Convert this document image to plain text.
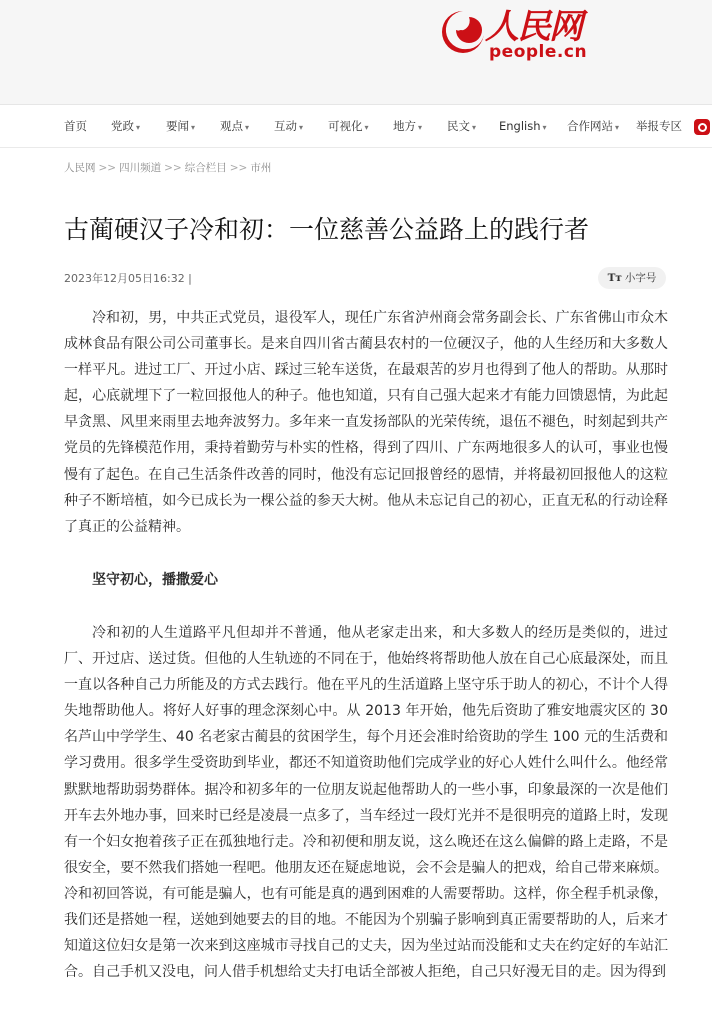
人民网
people.cn
首页 党政 ▾ 要闻 ▾ 观点 ▾ 互动 ▾ 可视化 ▾ 地方 ▾ 民文 ▾ English ▾ 合作网站 ▾ 举报专区
人民网 >> 四川频道 >> 综合栏目 >> 市州
古蔺硬汉子冷和初：一位慈善公益路上的践行者
2023年12月05日16:32 |	Tт 小字号

冷和初，男，中共正式党员，退役军人，现任广东省泸州商会常务副会长、广东省佛山市众木成林食品有限公司公司董事长。是来自四川省古蔺县农村的一位硬汉子，他的人生经历和大多数人一样平凡。进过工厂、开过小店、踩过三轮车送货，在最艰苦的岁月也得到了他人的帮助。从那时起，心底就埋下了一粒回报他人的种子。他也知道，只有自己强大起来才有能力回馈恩情，为此起早贪黑、风里来雨里去地奔波努力。多年来一直发扬部队的光荣传统，退伍不褪色，时刻起到共产党员的先锋模范作用，秉持着勤劳与朴实的性格，得到了四川、广东两地很多人的认可，事业也慢慢有了起色。在自己生活条件改善的同时，他没有忘记回报曾经的恩情，并将最初回报他人的这粒种子不断培植，如今已成长为一棵公益的参天大树。他从未忘记自己的初心，正直无私的行动诠释了真正的公益精神。

坚守初心，播撒爱心

冷和初的人生道路平凡但却并不普通，他从老家走出来，和大多数人的经历是类似的，进过厂、开过店、送过货。但他的人生轨迹的不同在于，他始终将帮助他人放在自己心底最深处，而且一直以各种自己力所能及的方式去践行。他在平凡的生活道路上坚守乐于助人的初心，不计个人得失地帮助他人。将好人好事的理念深刻心中。从 2013 年开始，他先后资助了雅安地震灾区的 30 名芦山中学学生、40 名老家古蔺县的贫困学生，每个月还会准时给资助的学生 100 元的生活费和学习费用。很多学生受资助到毕业，都还不知道资助他们完成学业的好心人姓什么叫什么。他经常默默地帮助弱势群体。据冷和初多年的一位朋友说起他帮助人的一些小事，印象最深的一次是他们开车去外地办事，回来时已经是凌晨一点多了，当车经过一段灯光并不是很明亮的道路上时，发现有一个妇女抱着孩子正在孤独地行走。冷和初便和朋友说，这么晚还在这么偏僻的路上走路，不是很安全，要不然我们搭她一程吧。他朋友还在疑虑地说，会不会是骗人的把戏，给自己带来麻烦。冷和初回答说，有可能是骗人，也有可能是真的遇到困难的人需要帮助。这样，你全程手机录像，我们还是搭她一程，送她到她要去的目的地。不能因为个别骗子影响到真正需要帮助的人，后来才知道这位妇女是第一次来到这座城市寻找自己的丈夫，因为坐过站而没能和丈夫在约定好的车站汇合。自己手机又没电，问人借手机想给丈夫打电话全部被人拒绝，自己只好漫无目的走。因为得到
